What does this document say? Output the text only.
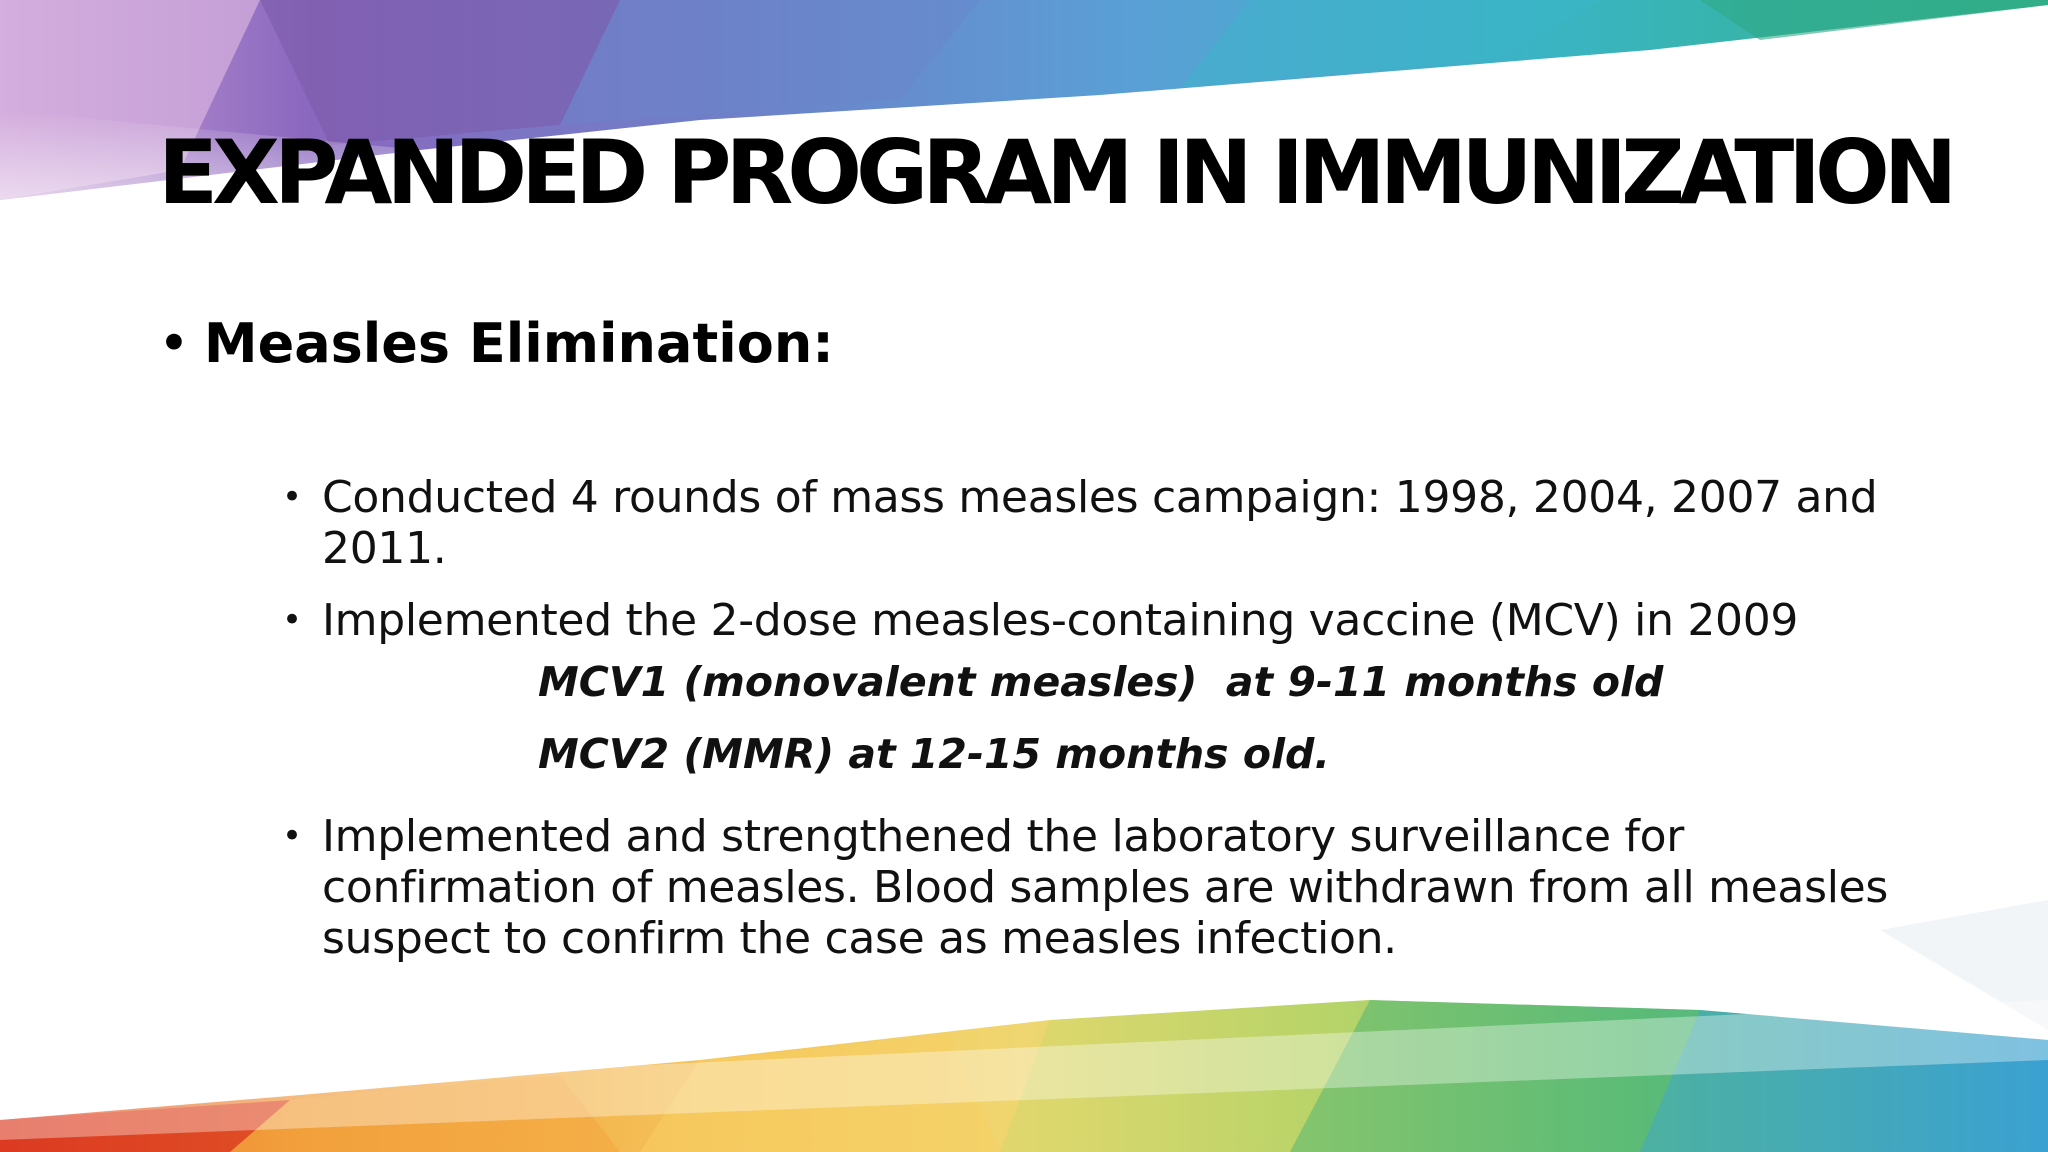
EXPANDED PROGRAM IN IMMUNIZATION
• Measles Elimination:
• Conducted 4 rounds of mass measles campaign: 1998, 2004, 2007 and 2011.
• Implemented the 2-dose measles-containing vaccine (MCV) in 2009
MCV1 (monovalent measles)  at 9-11 months old
MCV2 (MMR) at 12-15 months old.
• Implemented and strengthened the laboratory surveillance for confirmation of measles. Blood samples are withdrawn from all measles suspect to confirm the case as measles infection.
